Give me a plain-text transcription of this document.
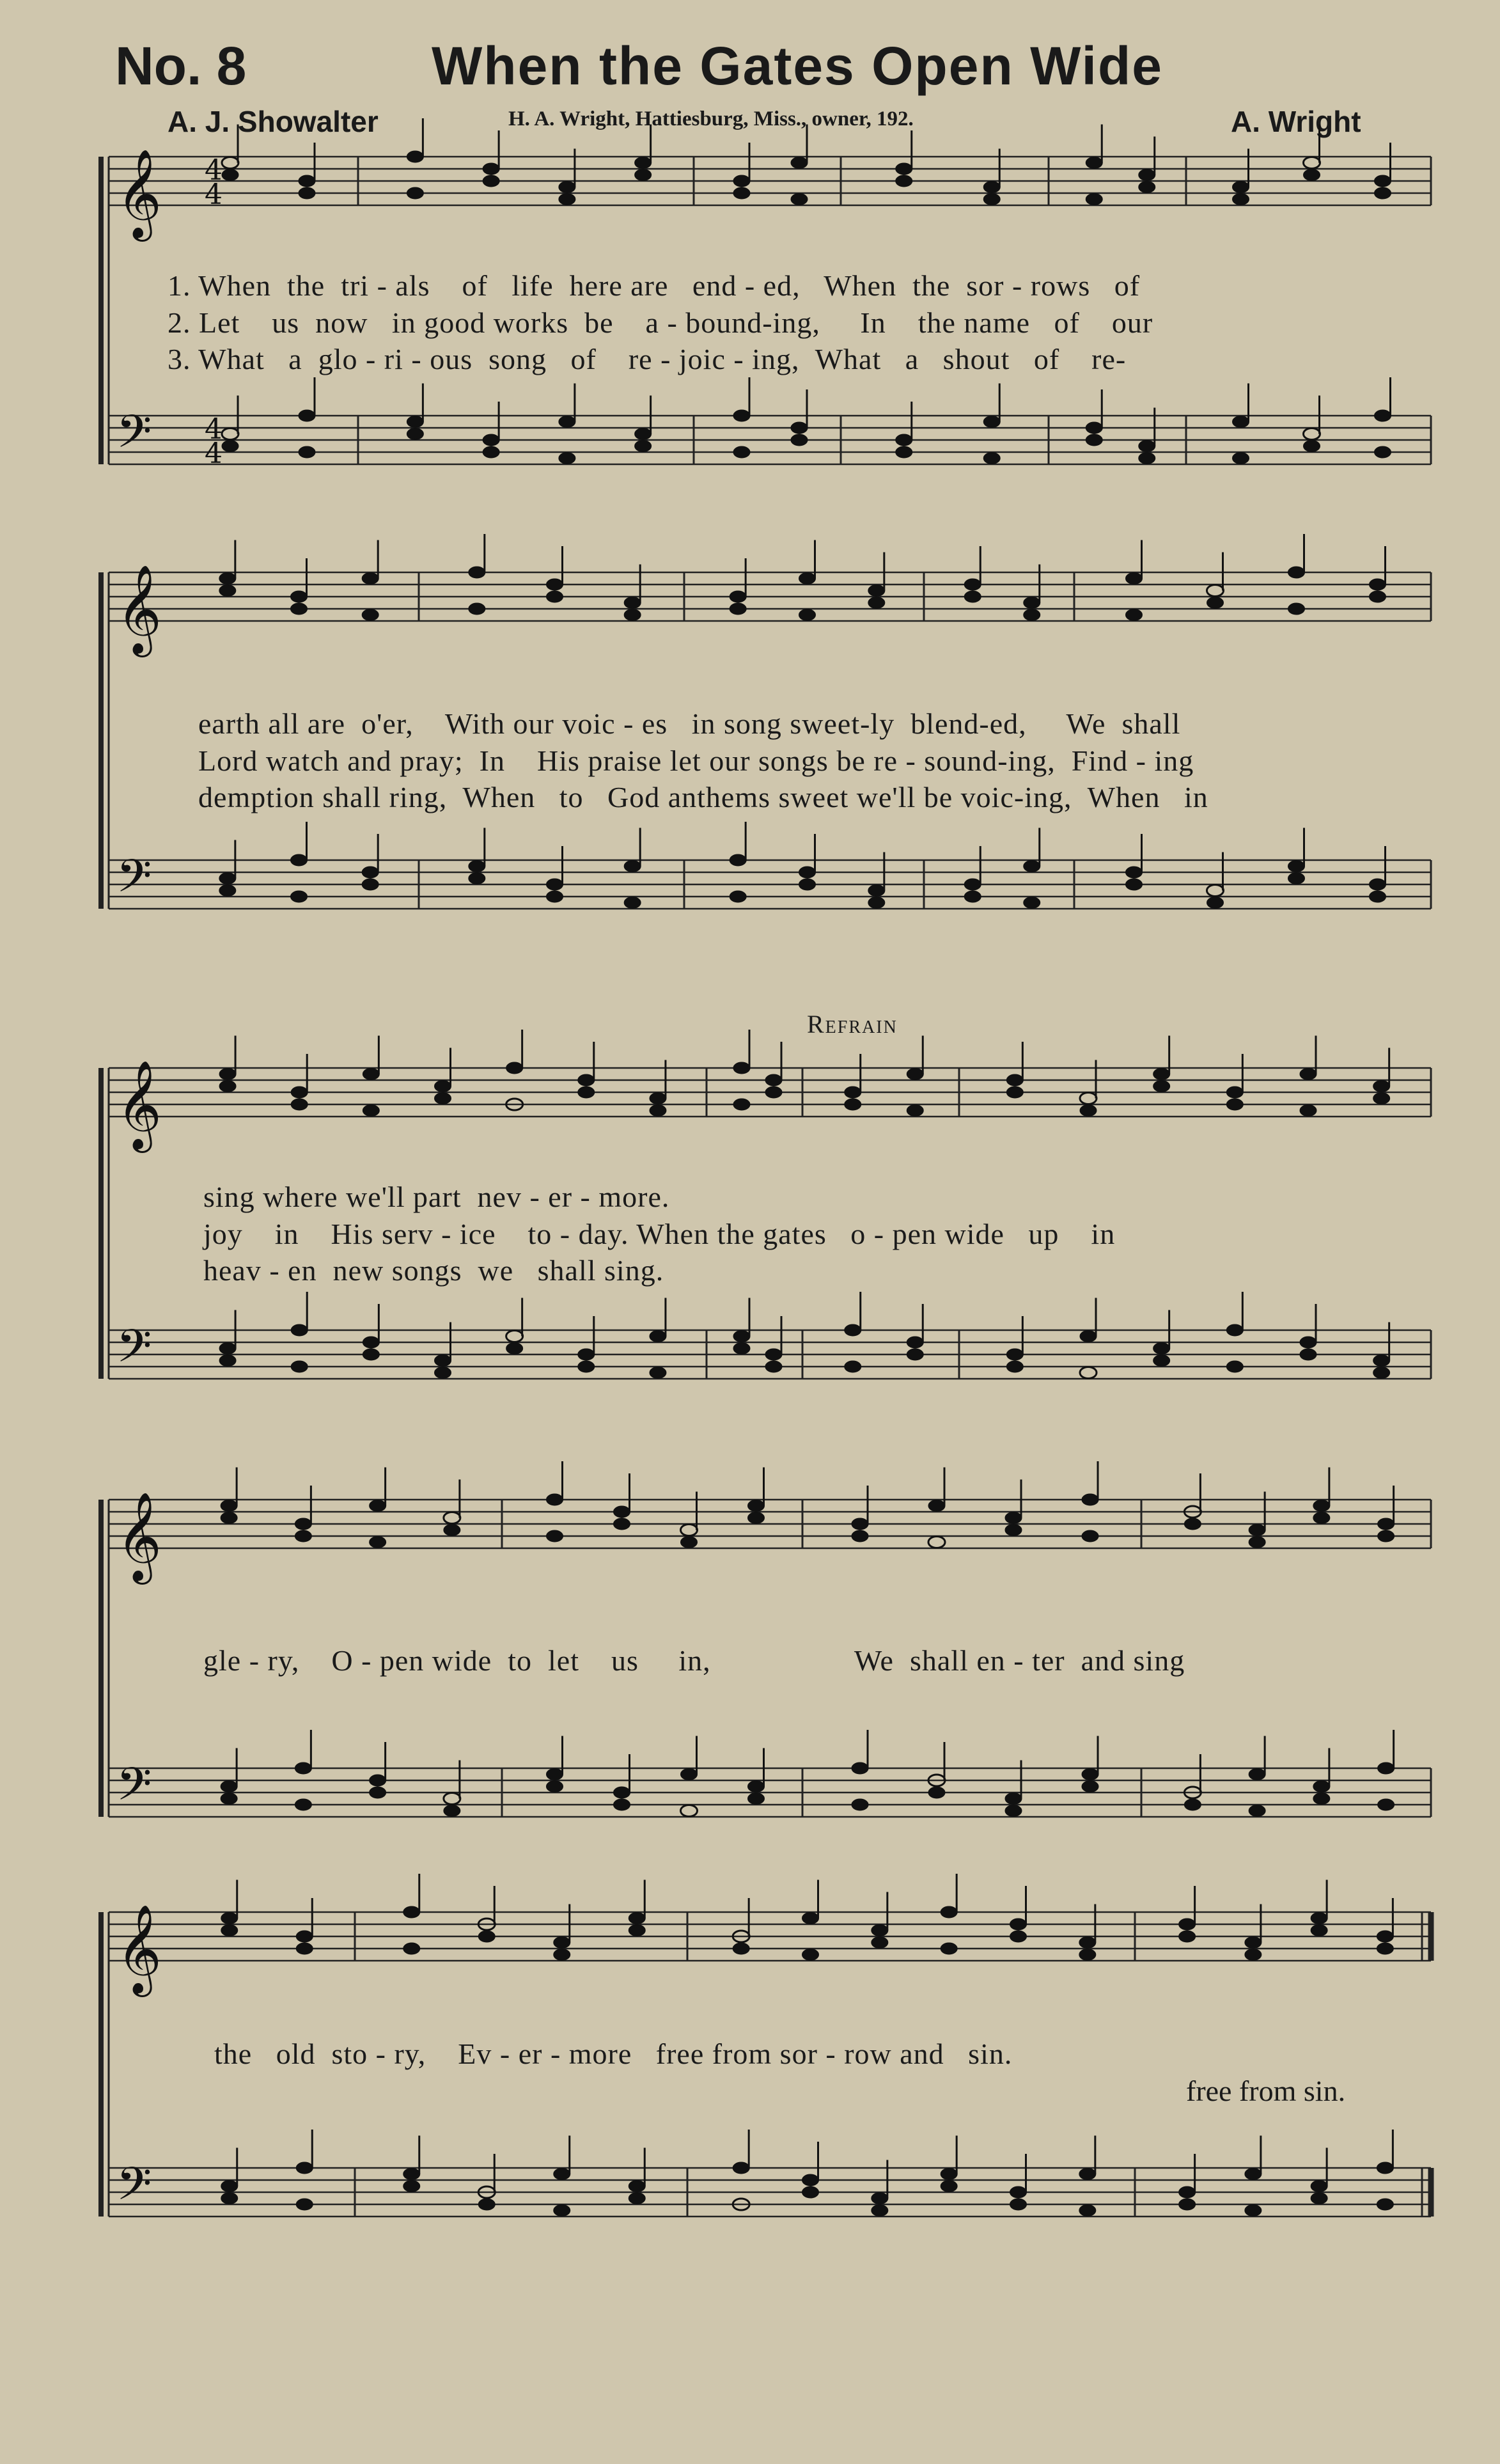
No. 8	When the Gates Open Wide
A. J. Showalter	H. A. Wright, Hattiesburg, Miss., owner, 192.	A. Wright
𝄞
𝄢
4
4
4
4
𝄞
𝄢
𝄞
𝄢
𝄞
𝄢
𝄞
𝄢
1. When  the  tri - als    of   life  here are   end - ed,   When  the  sor - rows   of
2. Let    us  now   in good works  be    a - bound-ing,     In    the name   of    our
3. What   a  glo - ri - ous  song   of    re - joic - ing,  What   a   shout   of    re-
earth all are  o'er,    With our voic - es   in song sweet-ly  blend-ed,     We  shall
Lord watch and pray;  In    His praise let our songs be re - sound-ing,  Find - ing
demption shall ring,  When   to   God anthems sweet we'll be voic-ing,  When   in
Refrain
sing where we'll part  nev - er - more.
joy    in    His serv - ice    to - day. When the gates   o - pen wide   up    in
heav - en  new songs  we   shall sing.
gle - ry,    O - pen wide  to  let    us     in,                  We  shall en - ter  and sing
the   old  sto - ry,    Ev - er - more   free from sor - row and   sin.
free from sin.
